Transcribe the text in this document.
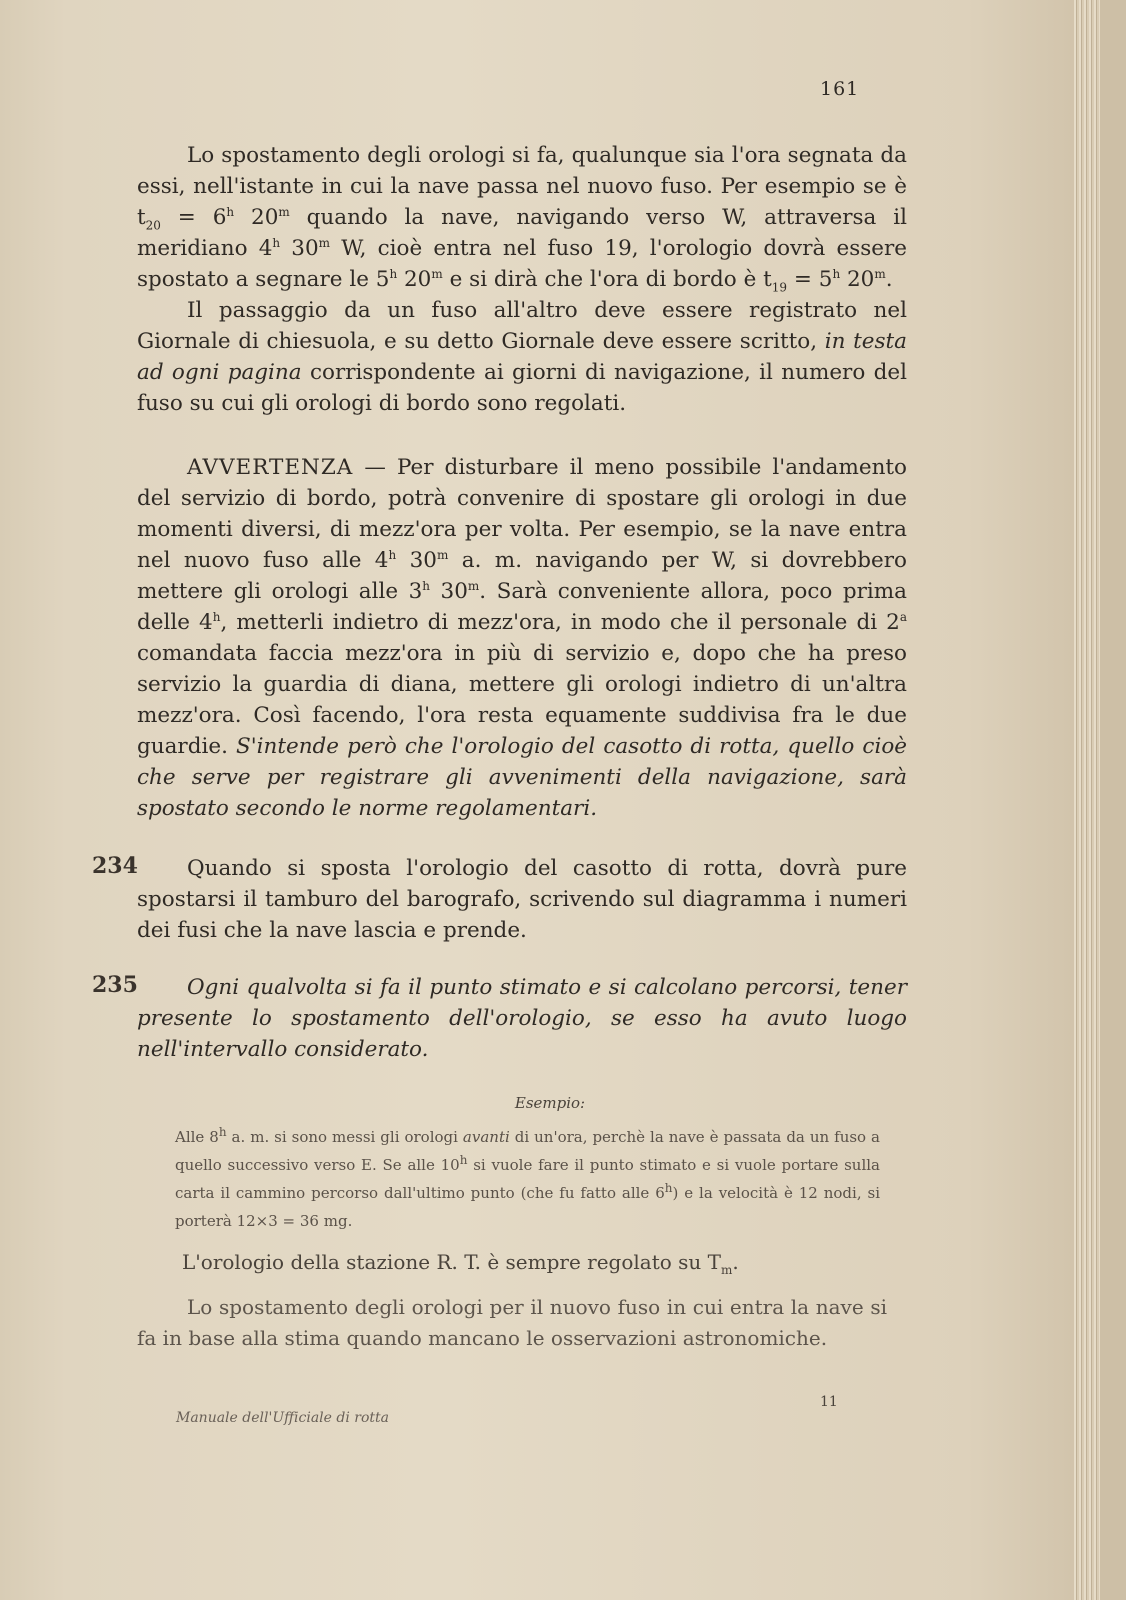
161

Lo spostamento degli orologi si fa, qualunque sia l'ora segnata da essi, nell'istante in cui la nave passa nel nuovo fuso. Per esempio se è $t_{20} = 6^h$ 20$^m$ quando la nave, navigando verso W, attraversa il meridiano 4$^h$ 30$^m$ W, cioè entra nel fuso 19, l'orologio dovrà essere spostato a segnare le 5$^h$ 20$^m$ e si dirà che l'ora di bordo è $t_{19} = 5^h$ 20$^m$.

Il passaggio da un fuso all'altro deve essere registrato nel Giornale di chiesuola, e su detto Giornale deve essere scritto, in testa ad ogni pagina corrispondente ai giorni di navigazione, il numero del fuso su cui gli orologi di bordo sono regolati.

AVVERTENZA — Per disturbare il meno possibile l'andamento del servizio di bordo, potrà convenire di spostare gli orologi in due momenti diversi, di mezz'ora per volta. Per esempio, se la nave entra nel nuovo fuso alle 4$^h$ 30$^m$ a. m. navigando per W, si dovrebbero mettere gli orologi alle 3$^h$ 30$^m$. Sarà conveniente allora, poco prima delle 4$^h$, metterli indietro di mezz'ora, in modo che il personale di 2$^a$ comandata faccia mezz'ora in più di servizio e, dopo che ha preso servizio la guardia di diana, mettere gli orologi indietro di un'altra mezz'ora. Così facendo, l'ora resta equamente suddivisa fra le due guardie. S'intende però che l'orologio del casotto di rotta, quello cioè che serve per registrare gli avvenimenti della navigazione, sarà spostato secondo le norme regolamentari.

234	Quando si sposta l'orologio del casotto di rotta, dovrà pure spostarsi il tamburo del barografo, scrivendo sul diagramma i numeri dei fusi che la nave lascia e prende.

235	Ogni qualvolta si fa il punto stimato e si calcolano percorsi, tener presente lo spostamento dell'orologio, se esso ha avuto luogo nell'intervallo considerato.

Esempio:

Alle 8$^h$ a. m. si sono messi gli orologi avanti di un'ora, perchè la nave è passata da un fuso a quello successivo verso E. Se alle 10$^h$ si vuole fare il punto stimato e si vuole portare sulla carta il cammino percorso dall'ultimo punto (che fu fatto alle 6$^h$) e la velocità è 12 nodi, si porterà 12×3 = 36 mg.

L'orologio della stazione R. T. è sempre regolato su $T_m$.

Lo spostamento degli orologi per il nuovo fuso in cui entra la nave si fa in base alla stima quando mancano le osservazioni astronomiche.

Manuale dell'Ufficiale di rotta
11
